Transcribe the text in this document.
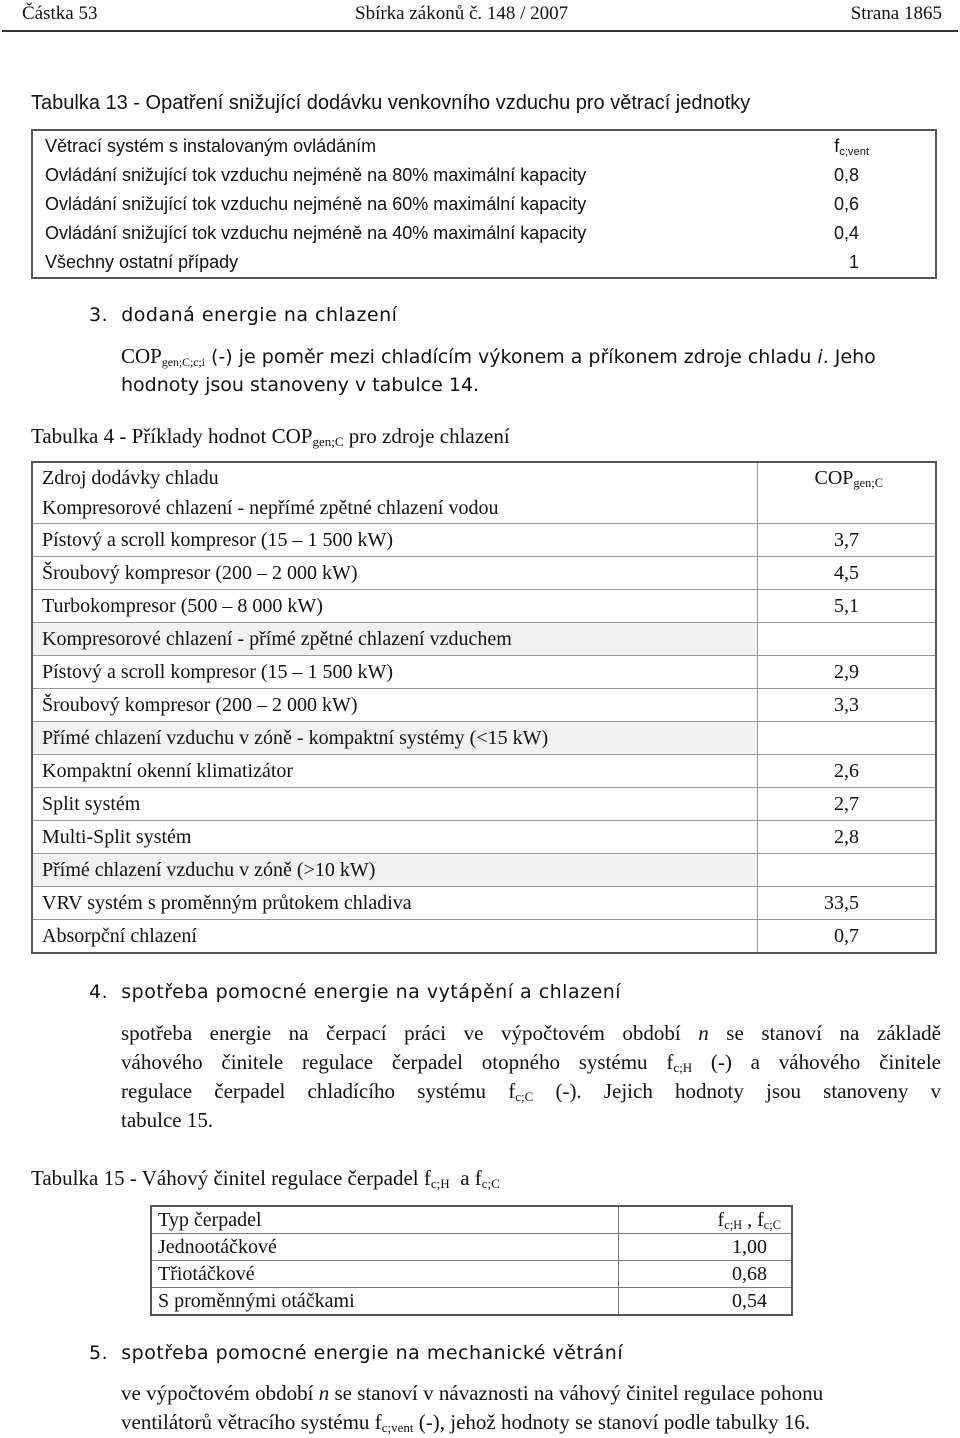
Částka 53	Sbírka zákonů č. 148 / 2007	Strana 1865
Tabulka 13 - Opatření snižující dodávku venkovního vzduchu pro větrací jednotky
Větrací systém s instalovaným ovládáním	$f_{c;vent}$
Ovládání snižující tok vzduchu nejméně na 80% maximální kapacity	0,8
Ovládání snižující tok vzduchu nejméně na 60% maximální kapacity	0,6
Ovládání snižující tok vzduchu nejméně na 40% maximální kapacity	0,4
Všechny ostatní případy	1
3. dodaná energie na chlazení
$COP_{gen;C;c;i}$ (-) je poměr mezi chladícím výkonem a příkonem zdroje chladu i. Jeho
hodnoty jsou stanoveny v tabulce 14.
Tabulka 4 - Příklady hodnot $COP_{gen;C}$ pro zdroje chlazení
Zdroj dodávky chladu	$COP_{gen;C}$
Kompresorové chlazení - nepřímé zpětné chlazení vodou	
Pístový a scroll kompresor (15 – 1 500 kW)	3,7
Šroubový kompresor (200 – 2 000 kW)	4,5
Turbokompresor (500 – 8 000 kW)	5,1
Kompresorové chlazení - přímé zpětné chlazení vzduchem	
Pístový a scroll kompresor (15 – 1 500 kW)	2,9
Šroubový kompresor (200 – 2 000 kW)	3,3
Přímé chlazení vzduchu v zóně - kompaktní systémy (<15 kW)	
Kompaktní okenní klimatizátor	2,6
Split systém	2,7
Multi-Split systém	2,8
Přímé chlazení vzduchu v zóně (>10 kW)	
VRV systém s proměnným průtokem chladiva	33,5
Absorpční chlazení	0,7
4. spotřeba pomocné energie na vytápění a chlazení
spotřeba energie na čerpací práci ve výpočtovém období n se stanoví na základě
váhového činitele regulace čerpadel otopného systému $f_{c;H}$ (-) a váhového činitele
regulace čerpadel chladícího systému $f_{c;C}$ (-). Jejich hodnoty jsou stanoveny v
tabulce 15.
Tabulka 15 - Váhový činitel regulace čerpadel $f_{c;H}$  a $f_{c;C}$
Typ čerpadel	$f_{c;H}$ , $f_{c;C}$
Jednootáčkové	1,00
Třiotáčkové	0,68
S proměnnými otáčkami	0,54
5. spotřeba pomocné energie na mechanické větrání
ve výpočtovém období n se stanoví v návaznosti na váhový činitel regulace pohonu
ventilátorů větracího systému $f_{c;vent}$ (-), jehož hodnoty se stanoví podle tabulky 16.
